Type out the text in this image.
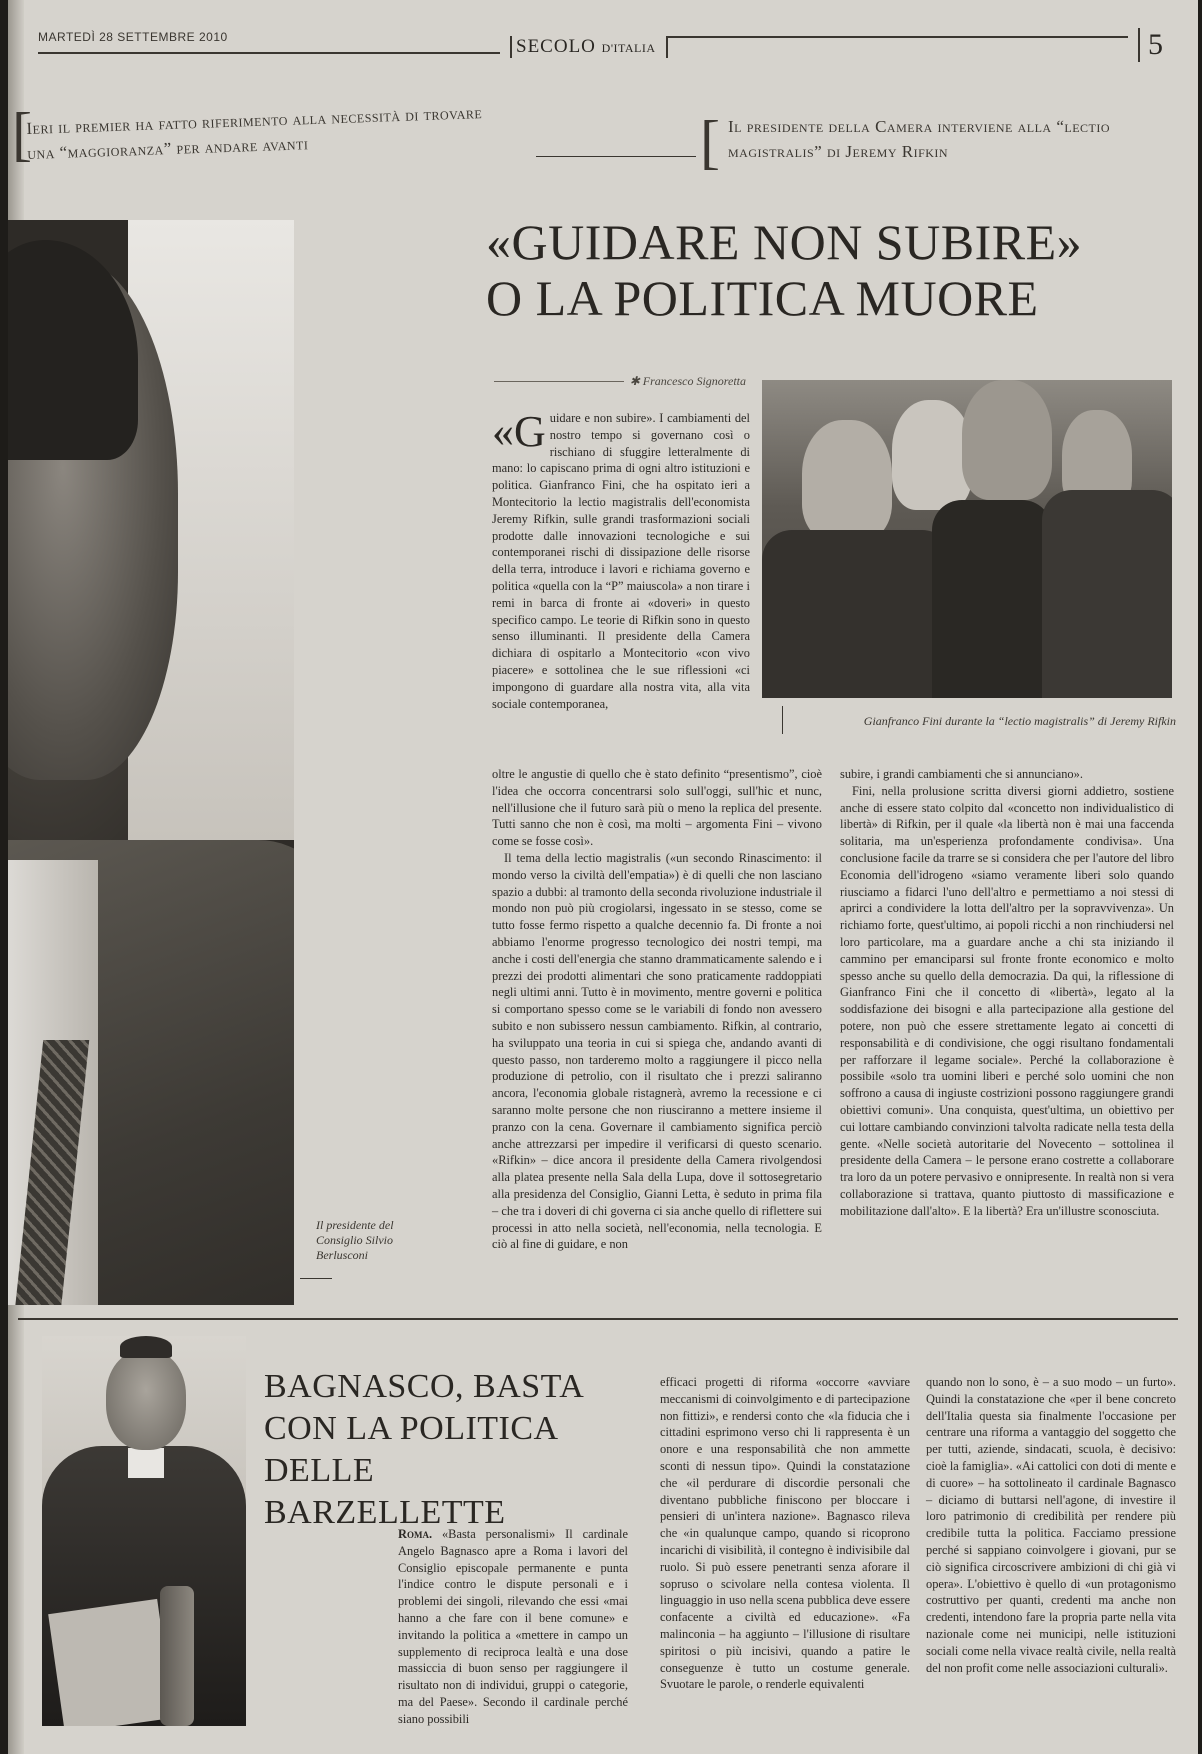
MARTEDÌ 28 SETTEMBRE 2010	SECOLO D'ITALIA	5
[
Ieri il premier ha fatto riferimento alla necessità di trovare una “maggioranza” per andare avanti	[ Il presidente della Camera interviene alla “lectio magistralis” di Jeremy Rifkin
Il presidente del Consiglio Silvio Berlusconi
«GUIDARE NON SUBIRE»
O LA POLITICA MUORE
✱ Francesco Signoretta
Gianfranco Fini durante la “lectio magistralis” di Jeremy Rifkin

«Guidare e non subire». I cambiamenti del nostro tempo si governano così o rischiano di sfuggire letteralmente di mano: lo capiscano prima di ogni altro istituzioni e politica. Gianfranco Fini, che ha ospitato ieri a Montecitorio la lectio magistralis dell'economista Jeremy Rifkin, sulle grandi trasformazioni sociali prodotte dalle innovazioni tecnologiche e sui contemporanei rischi di dissipazione delle risorse della terra, introduce i lavori e richiama governo e politica «quella con la “P” maiuscola» a non tirare i remi in barca di fronte ai «doveri» in questo specifico campo. Le teorie di Rifkin sono in questo senso illuminanti. Il presidente della Camera dichiara di ospitarlo a Montecitorio «con vivo piacere» e sottolinea che le sue riflessioni «ci impongono di guardare alla nostra vita, alla vita sociale contemporanea,

oltre le angustie di quello che è stato definito “presentismo”, cioè l'idea che occorra concentrarsi solo sull'oggi, sull'hic et nunc, nell'illusione che il futuro sarà più o meno la replica del presente. Tutti sanno che non è così, ma molti – argomenta Fini – vivono come se fosse così».

Il tema della lectio magistralis («un secondo Rinascimento: il mondo verso la civiltà dell'empatia») è di quelli che non lasciano spazio a dubbi: al tramonto della seconda rivoluzione industriale il mondo non può più crogiolarsi, ingessato in se stesso, come se tutto fosse fermo rispetto a qualche decennio fa. Di fronte a noi abbiamo l'enorme progresso tecnologico dei nostri tempi, ma anche i costi dell'energia che stanno drammaticamente salendo e i prezzi dei prodotti alimentari che sono praticamente raddoppiati negli ultimi anni. Tutto è in movimento, mentre governi e politica si comportano spesso come se le variabili di fondo non avessero subito e non subissero nessun cambiamento. Rifkin, al contrario, ha sviluppato una teoria in cui si spiega che, andando avanti di questo passo, non tarderemo molto a raggiungere il picco nella produzione di petrolio, con il risultato che i prezzi saliranno ancora, l'economia globale ristagnerà, avremo la recessione e ci saranno molte persone che non riusciranno a mettere insieme il pranzo con la cena. Governare il cambiamento significa perciò anche attrezzarsi per impedire il verificarsi di questo scenario. «Rifkin» – dice ancora il presidente della Camera rivolgendosi alla platea presente nella Sala della Lupa, dove il sottosegretario alla presidenza del Consiglio, Gianni Letta, è seduto in prima fila – che tra i doveri di chi governa ci sia anche quello di riflettere sui processi in atto nella società, nell'economia, nella tecnologia. E ciò al fine di guidare, e non

subire, i grandi cambiamenti che si annunciano».

Fini, nella prolusione scritta diversi giorni addietro, sostiene anche di essere stato colpito dal «concetto non individualistico di libertà» di Rifkin, per il quale «la libertà non è mai una faccenda solitaria, ma un'esperienza profondamente condivisa». Una conclusione facile da trarre se si considera che per l'autore del libro Economia dell'idrogeno «siamo veramente liberi solo quando riusciamo a fidarci l'uno dell'altro e permettiamo a noi stessi di aprirci a condividere la lotta dell'altro per la sopravvivenza». Un richiamo forte, quest'ultimo, ai popoli ricchi a non rinchiudersi nel loro particolare, ma a guardare anche a chi sta iniziando il cammino per emanciparsi sul fronte fronte economico e molto spesso anche su quello della democrazia. Da qui, la riflessione di Gianfranco Fini che il concetto di «libertà», legato al la soddisfazione dei bisogni e alla partecipazione alla gestione del potere, non può che essere strettamente legato ai concetti di responsabilità e di condivisione, che oggi risultano fondamentali per rafforzare il legame sociale». Perché la collaborazione è possibile «solo tra uomini liberi e perché solo uomini che non soffrono a causa di ingiuste costrizioni possono raggiungere grandi obiettivi comuni». Una conquista, quest'ultima, un obiettivo per cui lottare cambiando convinzioni talvolta radicate nella testa della gente. «Nelle società autoritarie del Novecento – sottolinea il presidente della Camera – le persone erano costrette a collaborare tra loro da un potere pervasivo e onnipresente. In realtà non si vera collaborazione si trattava, quanto piuttosto di massificazione e mobilitazione dall'alto». E la libertà? Era un'illustre sconosciuta.

BAGNASCO, BASTA
CON LA POLITICA
DELLE BARZELLETTE

Roma. «Basta personalismi» Il cardinale Angelo Bagnasco apre a Roma i lavori del Consiglio episcopale permanente e punta l'indice contro le dispute personali e i problemi dei singoli, rilevando che essi «mai hanno a che fare con il bene comune» e invitando la politica a «mettere in campo un supplemento di reciproca lealtà e una dose massiccia di buon senso per raggiungere il risultato non di individui, gruppi o categorie, ma del Paese». Secondo il cardinale perché siano possibili

efficaci progetti di riforma «occorre «avviare meccanismi di coinvolgimento e di partecipazione non fittizi», e rendersi conto che «la fiducia che i cittadini esprimono verso chi li rappresenta è un onore e una responsabilità che non ammette sconti di nessun tipo». Quindi la constatazione che «il perdurare di discordie personali che diventano pubbliche finiscono per bloccare i pensieri di un'intera nazione». Bagnasco rileva che «in qualunque campo, quando si ricoprono incarichi di visibilità, il contegno è indivisibile dal ruolo. Si può essere penetranti senza aforare il sopruso o scivolare nella contesa violenta. Il linguaggio in uso nella scena pubblica deve essere confacente a civiltà ed educazione». «Fa malinconia – ha aggiunto – l'illusione di risultare spiritosi o più incisivi, quando a patire le conseguenze è tutto un costume generale. Svuotare le parole, o renderle equivalenti

quando non lo sono, è – a suo modo – un furto». Quindi la constatazione che «per il bene concreto dell'Italia questa sia finalmente l'occasione per centrare una riforma a vantaggio del soggetto che per tutti, aziende, sindacati, scuola, è decisivo: cioè la famiglia». «Ai cattolici con doti di mente e di cuore» – ha sottolineato il cardinale Bagnasco – diciamo di buttarsi nell'agone, di investire il loro patrimonio di credibilità per rendere più credibile tutta la politica. Facciamo pressione perché si sappiano coinvolgere i giovani, pur se ciò significa circoscrivere ambizioni di chi già vi opera». L'obiettivo è quello di «un protagonismo costruttivo per quanti, credenti ma anche non credenti, intendono fare la propria parte nella vita nazionale come nei municipi, nelle istituzioni sociali come nella vivace realtà civile, nella realtà del non profit come nelle associazioni culturali».
